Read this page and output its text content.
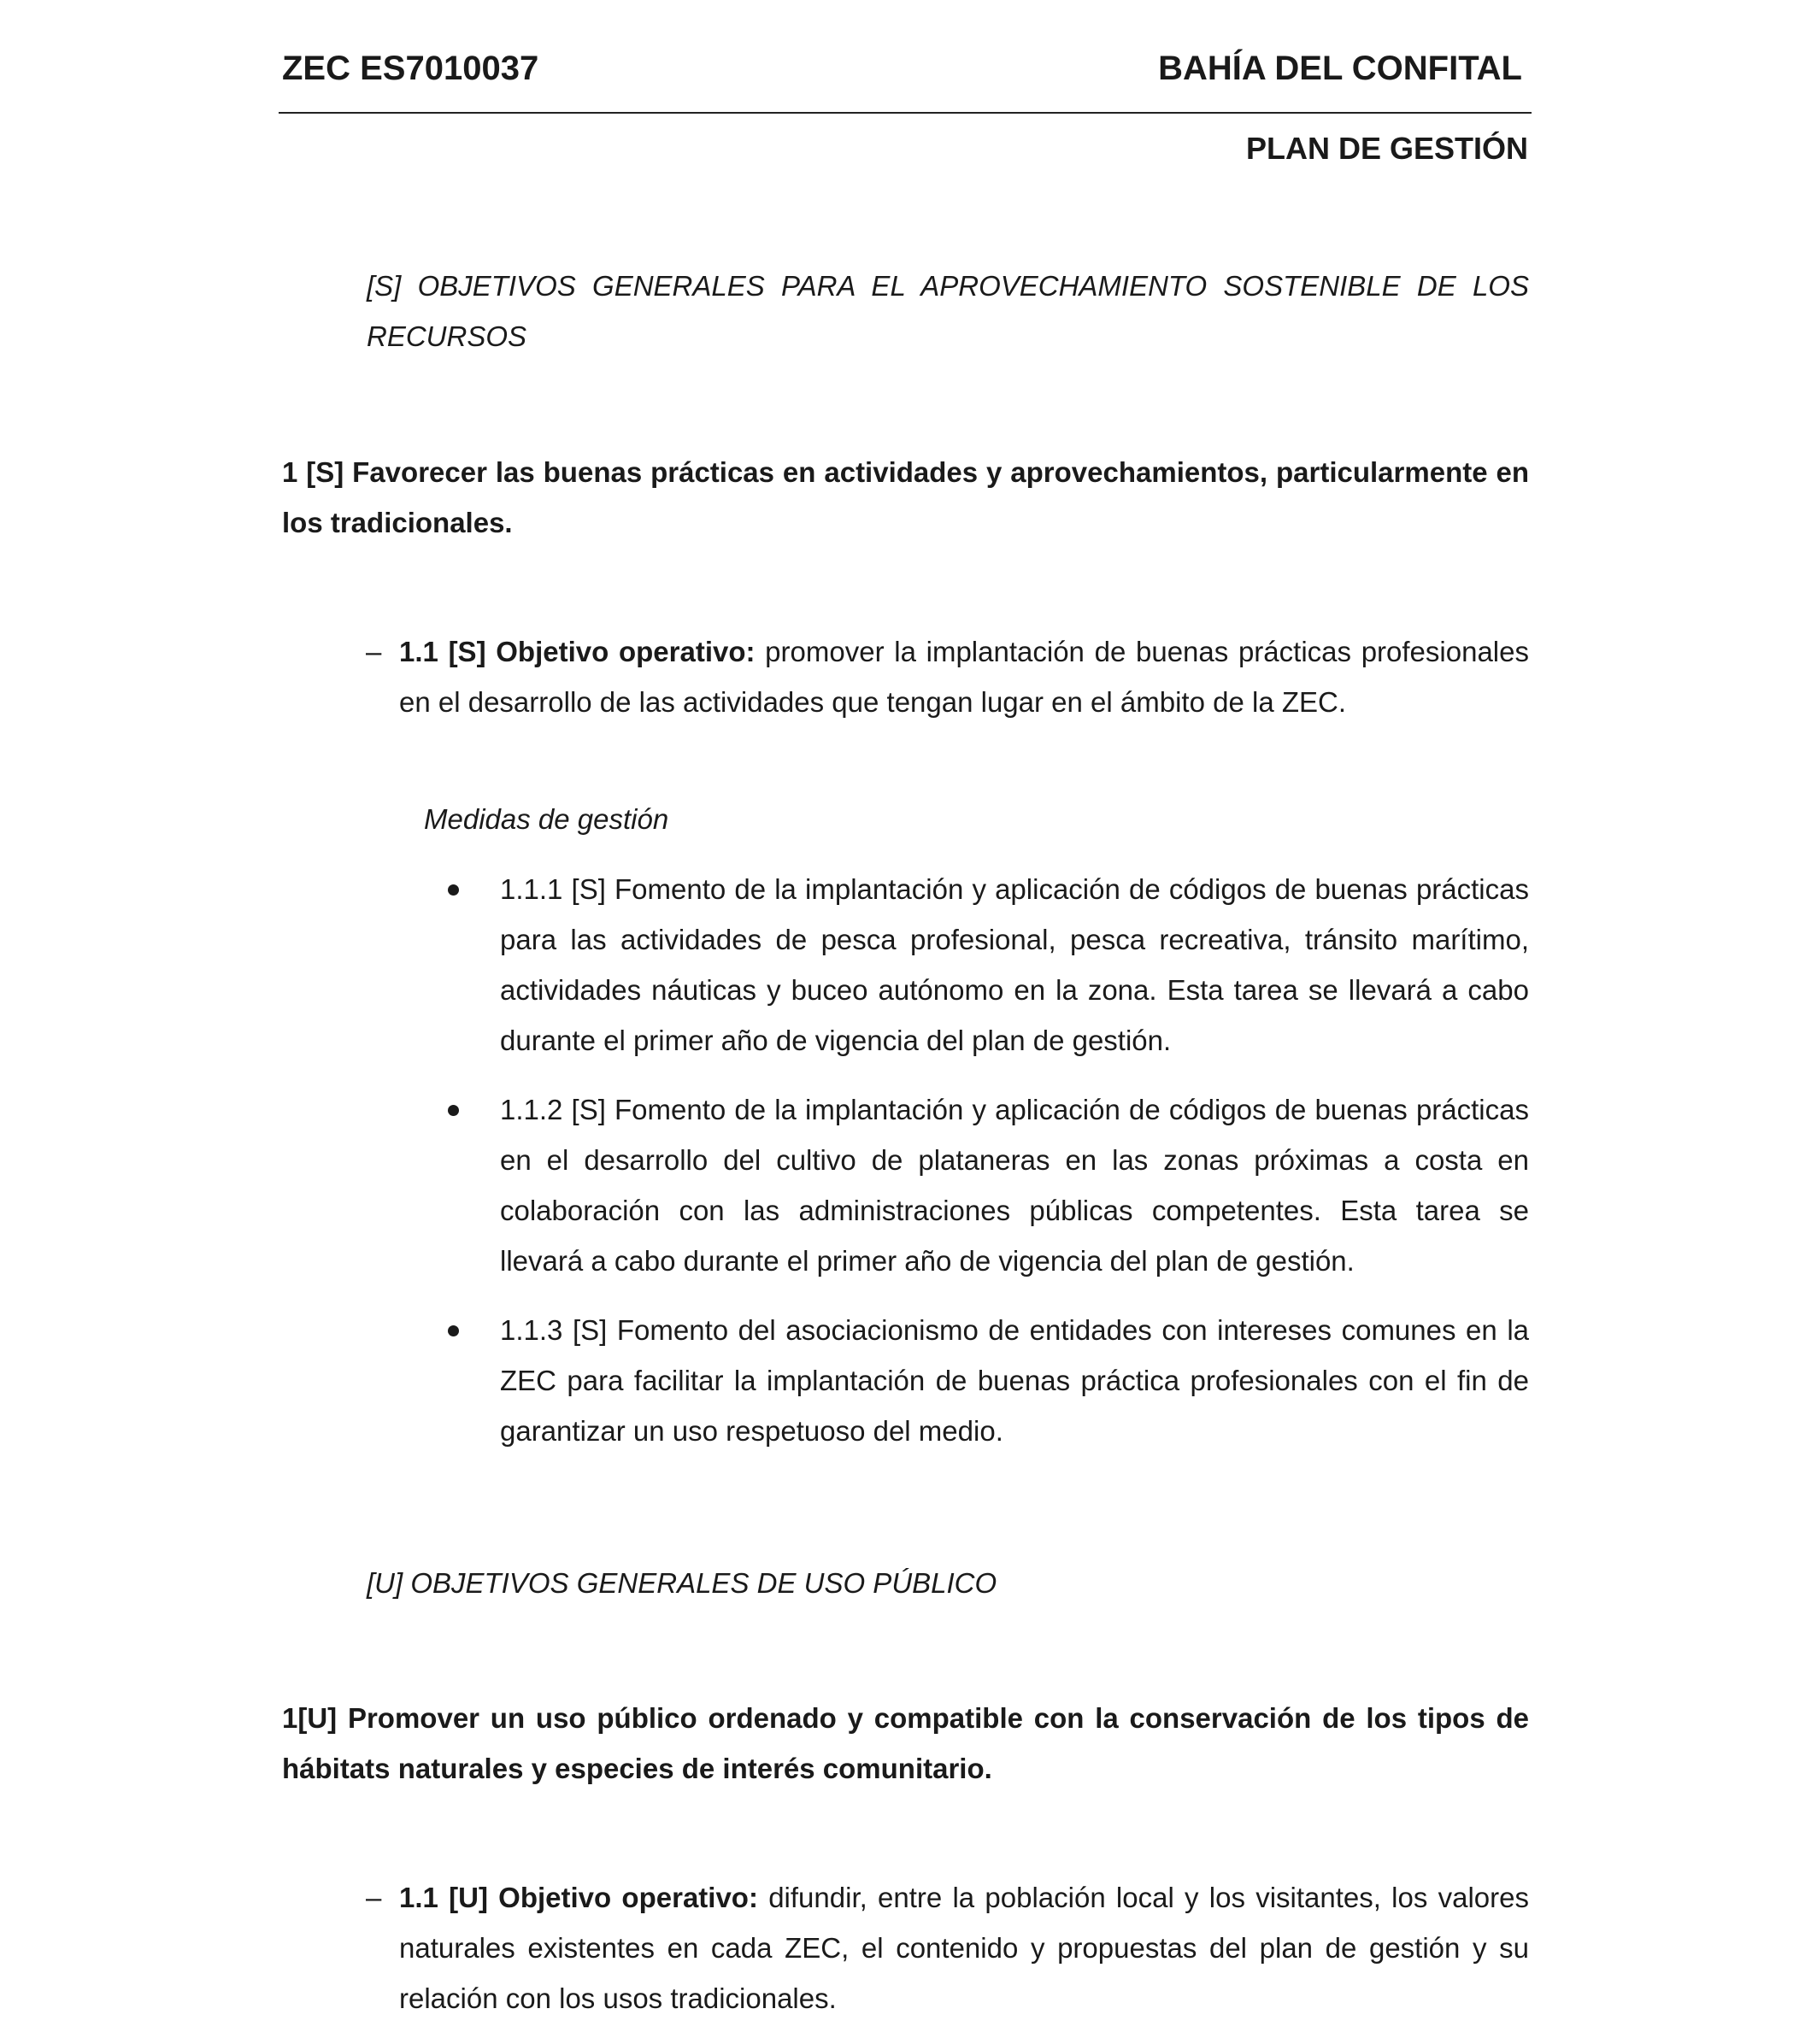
ZEC ES7010037	BAHÍA DEL CONFITAL
PLAN DE GESTIÓN

[S] OBJETIVOS GENERALES PARA EL APROVECHAMIENTO SOSTENIBLE DE LOS RECURSOS

1 [S] Favorecer las buenas prácticas en actividades y aprovechamientos, particularmente en los tradicionales.

– 1.1 [S] Objetivo operativo: promover la implantación de buenas prácticas profesionales en el desarrollo de las actividades que tengan lugar en el ámbito de la ZEC.

Medidas de gestión

1.1.1 [S] Fomento de la implantación y aplicación de códigos de buenas prácticas para las actividades de pesca profesional, pesca recreativa, tránsito marítimo, actividades náuticas y buceo autónomo en la zona. Esta tarea se llevará a cabo durante el primer año de vigencia del plan de gestión.

1.1.2 [S] Fomento de la implantación y aplicación de códigos de buenas prácticas en el desarrollo del cultivo de plataneras en las zonas próximas a costa en colaboración con las administraciones públicas competentes. Esta tarea se llevará a cabo durante el primer año de vigencia del plan de gestión.

1.1.3 [S] Fomento del asociacionismo de entidades con intereses comunes en la ZEC para facilitar la implantación de buenas práctica profesionales con el fin de garantizar un uso respetuoso del medio.

[U] OBJETIVOS GENERALES DE USO PÚBLICO

1[U] Promover un uso público ordenado y compatible con la conservación de los tipos de hábitats naturales y especies de interés comunitario.

– 1.1 [U] Objetivo operativo: difundir, entre la población local y los visitantes, los valores naturales existentes en cada ZEC, el contenido y propuestas del plan de gestión y su relación con los usos tradicionales.
